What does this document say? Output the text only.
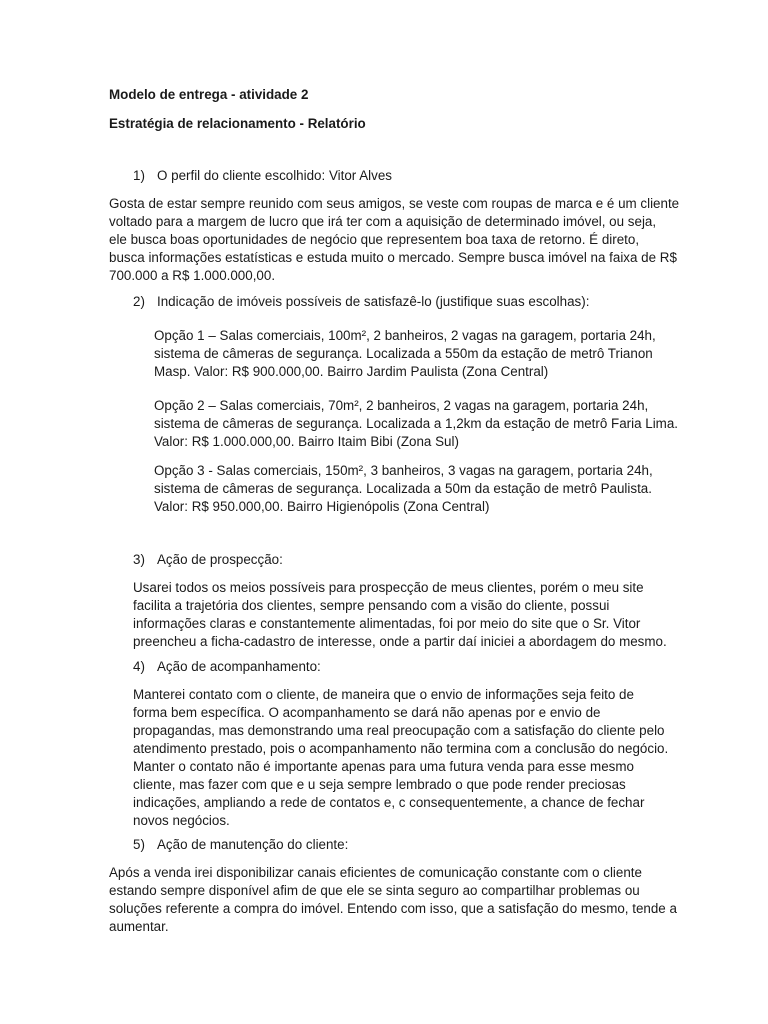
Modelo de entrega - atividade 2

Estratégia de relacionamento - Relatório

1) O perfil do cliente escolhido: Vitor Alves

Gosta de estar sempre reunido com seus amigos, se veste com roupas de marca e é um cliente
voltado para a margem de lucro que irá ter com a aquisição de determinado imóvel, ou seja,
ele busca boas oportunidades de negócio que representem boa taxa de retorno. É direto,
busca informações estatísticas e estuda muito o mercado. Sempre busca imóvel na faixa de R$
700.000 a R$ 1.000.000,00.

2) Indicação de imóveis possíveis de satisfazê-lo (justifique suas escolhas):

Opção 1 – Salas comerciais, 100m², 2 banheiros, 2 vagas na garagem, portaria 24h,
sistema de câmeras de segurança. Localizada a 550m da estação de metrô Trianon
Masp. Valor: R$ 900.000,00. Bairro Jardim Paulista (Zona Central)
Opção 2 – Salas comerciais, 70m², 2 banheiros, 2 vagas na garagem, portaria 24h,
sistema de câmeras de segurança. Localizada a 1,2km da estação de metrô Faria Lima.
Valor: R$ 1.000.000,00. Bairro Itaim Bibi (Zona Sul)
Opção 3 - Salas comerciais, 150m², 3 banheiros, 3 vagas na garagem, portaria 24h,
sistema de câmeras de segurança. Localizada a 50m da estação de metrô Paulista.
Valor: R$ 950.000,00. Bairro Higienópolis (Zona Central)

3) Ação de prospecção:

Usarei todos os meios possíveis para prospecção de meus clientes, porém o meu site
facilita a trajetória dos clientes, sempre pensando com a visão do cliente, possui
informações claras e constantemente alimentadas, foi por meio do site que o Sr. Vitor
preencheu a ficha-cadastro de interesse, onde a partir daí iniciei a abordagem do mesmo.

4) Ação de acompanhamento:

Manterei contato com o cliente, de maneira que o envio de informações seja feito de
forma bem específica. O acompanhamento se dará não apenas por e envio de
propagandas, mas demonstrando uma real preocupação com a satisfação do cliente pelo
atendimento prestado, pois o acompanhamento não termina com a conclusão do negócio.
Manter o contato não é importante apenas para uma futura venda para esse mesmo
cliente, mas fazer com que e u seja sempre lembrado o que pode render preciosas
indicações, ampliando a rede de contatos e, c consequentemente, a chance de fechar
novos negócios.

5) Ação de manutenção do cliente:

Após a venda irei disponibilizar canais eficientes de comunicação constante com o cliente
estando sempre disponível afim de que ele se sinta seguro ao compartilhar problemas ou
soluções referente a compra do imóvel. Entendo com isso, que a satisfação do mesmo, tende a
aumentar.
